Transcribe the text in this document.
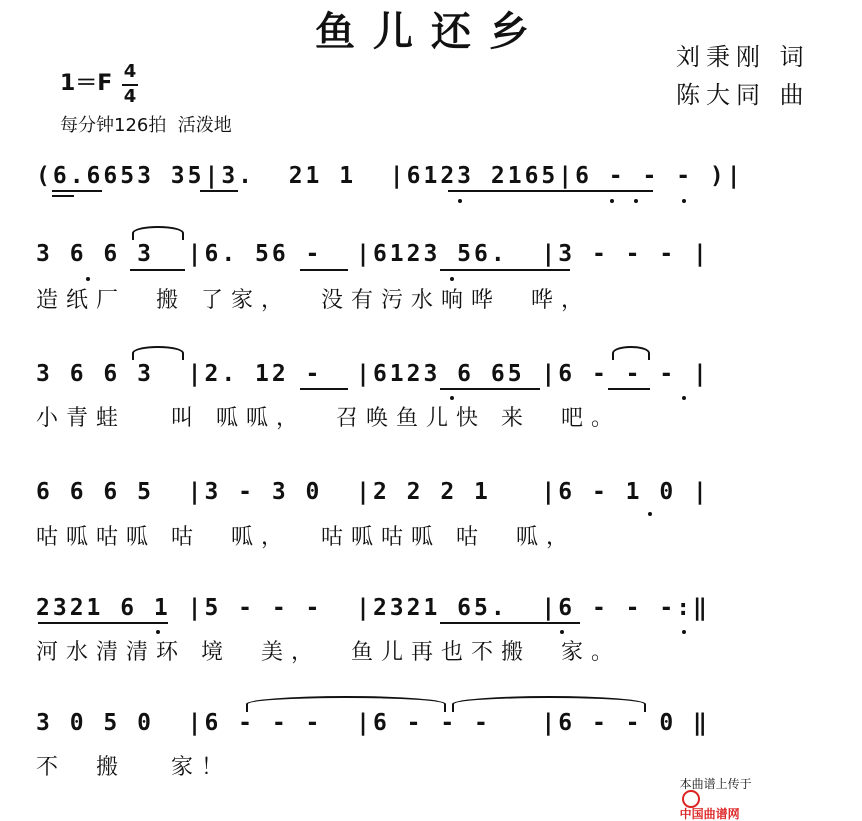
鱼儿还乡
刘秉刚 词
陈大同 曲
1＝F 4
4
每分钟126拍  活泼地
(6.6653 35|3.  21 1  |6123 2165|6 - - - )|
3 6 6 3  |6. 56 -  |6123 56.  |3 - - - |
造纸厂  搬 了家，  没有污水响哗  哗，
3 6 6 3  |2. 12 -  |6123 6 65 |6 - - - |
小青蛙   叫 呱呱，  召唤鱼儿快 来  吧。
6 6 6 5  |3 - 3 0  |2 2 2 1   |6 - 1 0 |
咕呱咕呱 咕  呱，  咕呱咕呱 咕  呱，
2321 6 1 |5 - - -  |2321 65.  |6 - - -:‖
河水清清环 境  美，  鱼儿再也不搬  家。
3 0 5 0  |6 - - -  |6 - - -   |6 - - 0 ‖
不  搬   家！

本曲谱上传于

中国曲谱网
